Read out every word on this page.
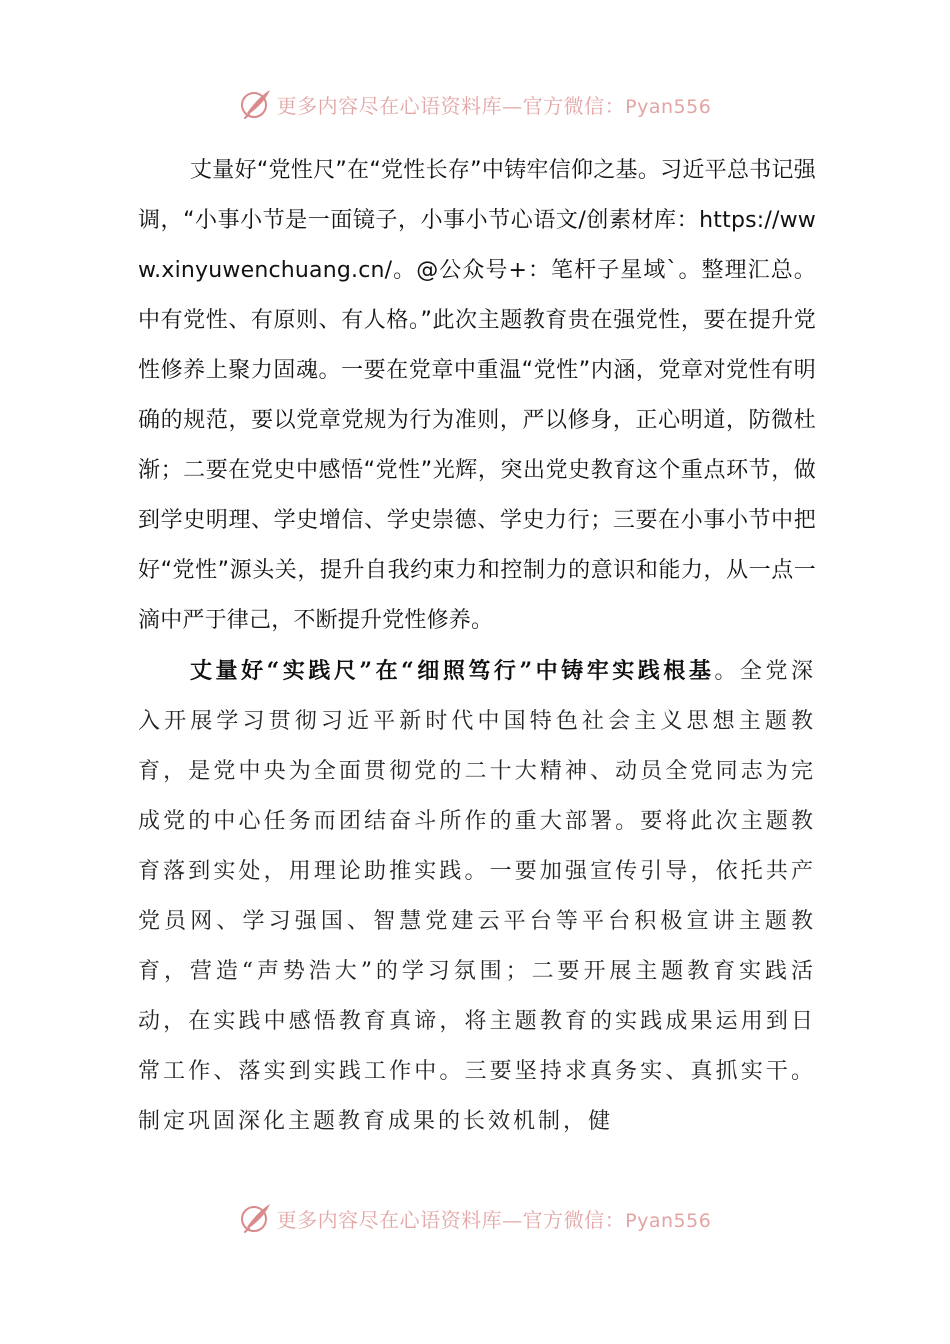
更多内容尽在心语资料库—官方微信：Pyan556

丈量好“党性尺”在“党性长存”中铸牢信仰之基。习近平总书记强调，“小事小节是一面镜子，小事小节心语文/创素材库：https://www.xinyuwenchuang.cn/。@公众号+：笔杆子星域`。整理汇总。中有党性、有原则、有人格。”此次主题教育贵在强党性，要在提升党性修养上聚力固魂。一要在党章中重温“党性”内涵，党章对党性有明确的规范，要以党章党规为行为准则，严以修身，正心明道，防微杜渐；二要在党史中感悟“党性”光辉，突出党史教育这个重点环节，做到学史明理、学史增信、学史崇德、学史力行；三要在小事小节中把好“党性”源头关，提升自我约束力和控制力的意识和能力，从一点一滴中严于律己，不断提升党性修养。

丈量好“实践尺”在“细照笃行”中铸牢实践根基。全党深入开展学习贯彻习近平新时代中国特色社会主义思想主题教育，是党中央为全面贯彻党的二十大精神、动员全党同志为完成党的中心任务而团结奋斗所作的重大部署。要将此次主题教育落到实处，用理论助推实践。一要加强宣传引导，依托共产党员网、学习强国、智慧党建云平台等平台积极宣讲主题教育，营造“声势浩大”的学习氛围；二要开展主题教育实践活动，在实践中感悟教育真谛，将主题教育的实践成果运用到日常工作、落实到实践工作中。三要坚持求真务实、真抓实干。制定巩固深化主题教育成果的长效机制，健

更多内容尽在心语资料库—官方微信：Pyan556
